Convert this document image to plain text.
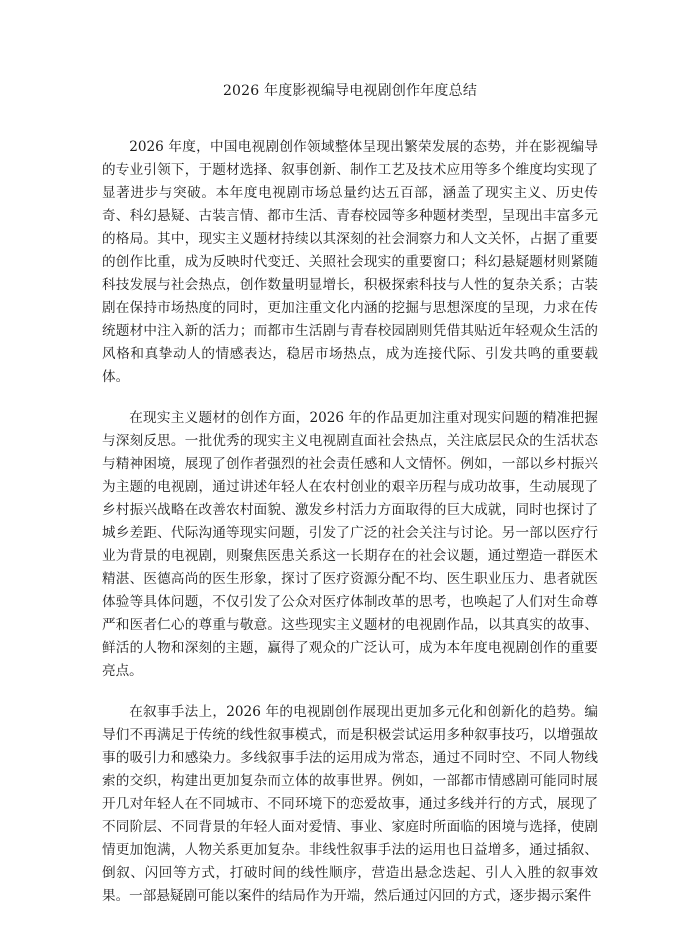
2026 年度影视编导电视剧创作年度总结

2026 年度，中国电视剧创作领域整体呈现出繁荣发展的态势，并在影视编导的专业引领下，于题材选择、叙事创新、制作工艺及技术应用等多个维度均实现了显著进步与突破。本年度电视剧市场总量约达五百部，涵盖了现实主义、历史传奇、科幻悬疑、古装言情、都市生活、青春校园等多种题材类型，呈现出丰富多元的格局。其中，现实主义题材持续以其深刻的社会洞察力和人文关怀，占据了重要的创作比重，成为反映时代变迁、关照社会现实的重要窗口；科幻悬疑题材则紧随科技发展与社会热点，创作数量明显增长，积极探索科技与人性的复杂关系；古装剧在保持市场热度的同时，更加注重文化内涵的挖掘与思想深度的呈现，力求在传统题材中注入新的活力；而都市生活剧与青春校园剧则凭借其贴近年轻观众生活的风格和真挚动人的情感表达，稳居市场热点，成为连接代际、引发共鸣的重要载体。

在现实主义题材的创作方面，2026 年的作品更加注重对现实问题的精准把握与深刻反思。一批优秀的现实主义电视剧直面社会热点，关注底层民众的生活状态与精神困境，展现了创作者强烈的社会责任感和人文情怀。例如，一部以乡村振兴为主题的电视剧，通过讲述年轻人在农村创业的艰辛历程与成功故事，生动展现了乡村振兴战略在改善农村面貌、激发乡村活力方面取得的巨大成就，同时也探讨了城乡差距、代际沟通等现实问题，引发了广泛的社会关注与讨论。另一部以医疗行业为背景的电视剧，则聚焦医患关系这一长期存在的社会议题，通过塑造一群医术精湛、医德高尚的医生形象，探讨了医疗资源分配不均、医生职业压力、患者就医体验等具体问题，不仅引发了公众对医疗体制改革的思考，也唤起了人们对生命尊严和医者仁心的尊重与敬意。这些现实主义题材的电视剧作品，以其真实的故事、鲜活的人物和深刻的主题，赢得了观众的广泛认可，成为本年度电视剧创作的重要亮点。

在叙事手法上，2026 年的电视剧创作展现出更加多元化和创新化的趋势。编导们不再满足于传统的线性叙事模式，而是积极尝试运用多种叙事技巧，以增强故事的吸引力和感染力。多线叙事手法的运用成为常态，通过不同时空、不同人物线索的交织，构建出更加复杂而立体的故事世界。例如，一部都市情感剧可能同时展开几对年轻人在不同城市、不同环境下的恋爱故事，通过多线并行的方式，展现了不同阶层、不同背景的年轻人面对爱情、事业、家庭时所面临的困境与选择，使剧情更加饱满，人物关系更加复杂。非线性叙事手法的运用也日益增多，通过插叙、倒叙、闪回等方式，打破时间的线性顺序，营造出悬念迭起、引人入胜的叙事效果。一部悬疑剧可能以案件的结局作为开端，然后通过闪回的方式，逐步揭示案件
